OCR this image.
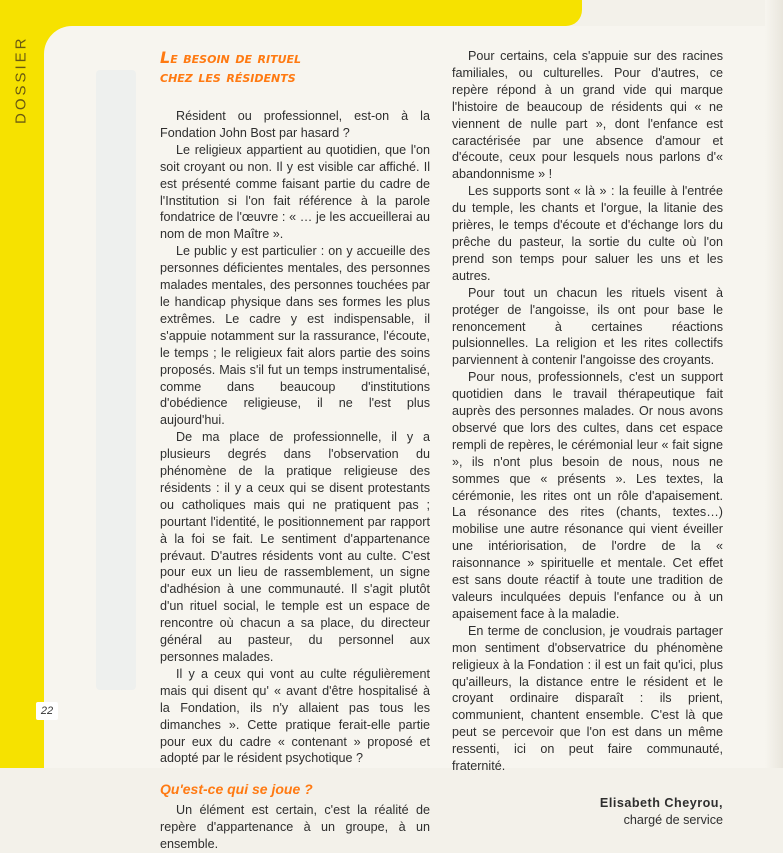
DOSSIER
22
Le besoin de rituel
chez les résidents

Résident ou professionnel, est-on à la Fondation John Bost par hasard ?

Le religieux appartient au quotidien, que l'on soit croyant ou non. Il y est visible car affiché. Il est présenté comme faisant partie du cadre de l'Institution si l'on fait référence à la parole fondatrice de l'œuvre : « … je les accueillerai au nom de mon Maître ».

Le public y est particulier : on y accueille des personnes déficientes mentales, des personnes malades mentales, des personnes touchées par le handicap physique dans ses formes les plus extrêmes. Le cadre y est indispensable, il s'appuie notamment sur la rassurance, l'écoute, le temps ; le religieux fait alors partie des soins proposés. Mais s'il fut un temps instrumentalisé, comme dans beaucoup d'institutions d'obédience religieuse, il ne l'est plus aujourd'hui.

De ma place de professionnelle, il y a plusieurs degrés dans l'observation du phénomène de la pratique religieuse des résidents : il y a ceux qui se disent protestants ou catholiques mais qui ne pratiquent pas ; pourtant l'identité, le positionnement par rapport à la foi se fait. Le sentiment d'appartenance prévaut. D'autres résidents vont au culte. C'est pour eux un lieu de rassemblement, un signe d'adhésion à une communauté. Il s'agit plutôt d'un rituel social, le temple est un espace de rencontre où chacun a sa place, du directeur général au pasteur, du personnel aux personnes malades.

Il y a ceux qui vont au culte régulièrement mais qui disent qu' « avant d'être hospitalisé à la Fondation, ils n'y allaient pas tous les dimanches ». Cette pratique ferait-elle partie pour eux du cadre « contenant » proposé et adopté par le résident psychotique ?

Qu'est-ce qui se joue ?

Un élément est certain, c'est la réalité de repère d'appartenance à un groupe, à un ensemble.

Pour certains, cela s'appuie sur des racines familiales, ou culturelles. Pour d'autres, ce repère répond à un grand vide qui marque l'histoire de beaucoup de résidents qui « ne viennent de nulle part », dont l'enfance est caractérisée par une absence d'amour et d'écoute, ceux pour lesquels nous parlons d'« abandonnisme » !

Les supports sont « là » : la feuille à l'entrée du temple, les chants et l'orgue, la litanie des prières, le temps d'écoute et d'échange lors du prêche du pasteur, la sortie du culte où l'on prend son temps pour saluer les uns et les autres.

Pour tout un chacun les rituels visent à protéger de l'angoisse, ils ont pour base le renoncement à certaines réactions pulsionnelles. La religion et les rites collectifs parviennent à contenir l'angoisse des croyants.

Pour nous, professionnels, c'est un support quotidien dans le travail thérapeutique fait auprès des personnes malades. Or nous avons observé que lors des cultes, dans cet espace rempli de repères, le cérémonial leur « fait signe », ils n'ont plus besoin de nous, nous ne sommes que « présents ». Les textes, la cérémonie, les rites ont un rôle d'apaisement. La résonance des rites (chants, textes…) mobilise une autre résonance qui vient éveiller une intériorisation, de l'ordre de la « raisonnance » spirituelle et mentale. Cet effet est sans doute réactif à toute une tradition de valeurs inculquées depuis l'enfance ou à un apaisement face à la maladie.

En terme de conclusion, je voudrais partager mon sentiment d'observatrice du phénomène religieux à la Fondation : il est un fait qu'ici, plus qu'ailleurs, la distance entre le résident et le croyant ordinaire disparaît : ils prient, communient, chantent ensemble. C'est là que peut se percevoir que l'on est dans un même ressenti, ici on peut faire communauté, fraternité.

Elisabeth Cheyrou,
chargé de service
